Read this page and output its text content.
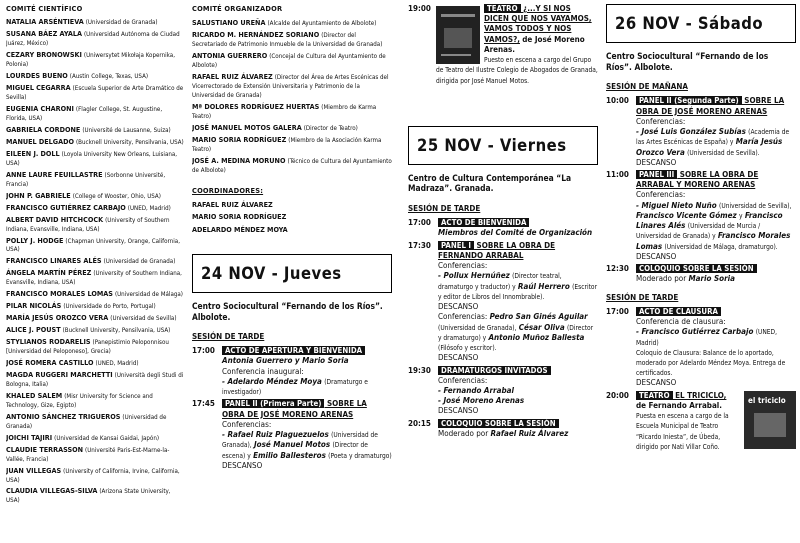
COMITÉ CIENTÍFICO
NATALIA ARSÉNTIEVA (Universidad de Granada)
SUSANA BÁEZ AYALA (Universidad Autónoma de Ciudad Juárez, México)
CEZARY BRONOWSKI (Uniwersytet Mikołaja Kopernika, Polonia)
LOURDES BUENO (Austin College, Texas, USA)
MIGUEL CEGARRA (Escuela Superior de Arte Dramático de Sevilla)
EUGENIA CHARONI (Flagler College, St. Augustine, Florida, USA)
GABRIELA CORDONE (Université de Lausanne, Suiza)
MANUEL DELGADO (Bucknell University, Pensilvania, USA)
EILEEN J. DOLL (Loyola University New Orleans, Luisiana, USA)
ANNE LAURE FEUILLASTRE (Sorbonne Université, Francia)
JOHN P. GABRIELE (College of Wooster, Ohio, USA)
FRANCISCO GUTIÉRREZ CARBAJO (UNED, Madrid)
ALBERT DAVID HITCHCOCK (University of Southern Indiana, Evansville, Indiana, USA)
POLLY J. HODGE (Chapman University, Orange, California, USA)
FRANCISCO LINARES ALÉS (Universidad de Granada)
ÁNGELA MARTÍN PÉREZ (University of Southern Indiana, Evansville, Indiana, USA)
FRANCISCO MORALES LOMAS (Universidad de Málaga)
PILAR NICOLÁS (Universidade do Porto, Portugal)
MARÍA JESÚS OROZCO VERA (Universidad de Sevilla)
ALICE J. POUST (Bucknell University, Pensilvania, USA)
STYLIANOS RODARELIS (Panepistimio Peloponnisou [Universidad del Peloponeso], Grecia)
JOSÉ ROMERA CASTILLO (UNED, Madrid)
MAGDA RUGGERI MARCHETTI (Università degli Studi di Bologna, Italia)
KHALED SALEM (Misr University for Science and Technology, Gize, Egipto)
ANTONIO SÁNCHEZ TRIGUEROS (Universidad de Granada)
JOICHI TAJIRI (Universidad de Kansai Gaidai, Japón)
CLAUDIE TERRASSON (Université Paris-Est-Marne-la-Vallée, Francia)
JUAN VILLEGAS (University of California, Irvine, California, USA)
CLAUDIA VILLEGAS-SILVA (Arizona State University, USA)
COMITÉ ORGANIZADOR
SALUSTIANO UREÑA (Alcalde del Ayuntamiento de Albolote)
RICARDO M. HERNÁNDEZ SORIANO (Director del Secretariado de Patrimonio Inmueble de la Universidad de Granada)
ANTONIA GUERRERO (Concejal de Cultura del Ayuntamiento de Albolote)
RAFAEL RUIZ ÁLVAREZ (Director del Área de Artes Escénicas del Vicerrectorado de Extensión Universitaria y Patrimonio de la Universidad de Granada)
Mª DOLORES RODRÍGUEZ HUERTAS (Miembro de Karma Teatro)
JOSÉ MANUEL MOTOS GALERA (Director de Teatro)
MARIO SORIA RODRÍGUEZ (Miembro de la Asociación Karma Teatro)
JOSÉ A. MEDINA MORUNO (Técnico de Cultura del Ayuntamiento de Albolote)
COORDINADORES:
RAFAEL RUIZ ÁLVAREZ
MARIO SORIA RODRÍGUEZ
ADELARDO MÉNDEZ MOYA
24 NOV - Jueves
Centro Sociocultural “Fernando de los Ríos”. Albolote.
SESIÓN DE TARDE
17:00	ACTO DE APERTURA Y BIENVENIDA
Antonia Guerrero y Mario Soria
Conferencia inaugural:
- Adelardo Méndez Moya (Dramaturgo e investigador)
17:45	PANEL II (Primera Parte) SOBRE LA OBRA DE JOSÉ MORENO ARENAS
Conferencias:
- Rafael Ruiz Plaguezuelos (Universidad de Granada), José Manuel Motos (Director de escena) y Emilio Ballesteros (Poeta y dramaturgo)
DESCANSO
19:00	TEATRO ¿...Y SI NOS DICEN QUE NOS VAYAMOS, VAMOS TODOS Y NOS VAMOS?, de José Moreno Arenas.
Puesto en escena a cargo del Grupo de Teatro del Ilustre Colegio de Abogados de Granada, dirigida por José Manuel Motos.
25 NOV - Viernes
Centro de Cultura Contemporánea “La Madraza”. Granada.
SESIÓN DE TARDE
17:00	ACTO DE BIENVENIDA
Miembros del Comité de Organización
17:30	PANEL I SOBRE LA OBRA DE FERNANDO ARRABAL
Conferencias:
- Pollux Hernúñez (Director teatral, dramaturgo y traductor) y Raúl Herrero (Escritor y editor de Libros del Innombrable).
DESCANSO
Conferencias: Pedro San Ginés Aguilar (Universidad de Granada), César Oliva (Director y dramaturgo) y Antonio Muñoz Ballesta (Filósofo y escritor).
DESCANSO
19:30	DRAMATURGOS INVITADOS
Conferencias:
- Fernando Arrabal
- José Moreno Arenas
DESCANSO
20:15	COLOQUIO SOBRE LA SESIÓN
Moderado por Rafael Ruiz Álvarez
26 NOV - Sábado
Centro Sociocultural “Fernando de los Ríos”. Albolote.
SESIÓN DE MAÑANA
10:00	PANEL II (Segunda Parte) SOBRE LA OBRA DE JOSÉ MORENO ARENAS
Conferencias:
- José Luis González Subías (Academia de las Artes Escénicas de España) y María Jesús Orozco Vera (Universidad de Sevilla).
DESCANSO
11:00	PANEL III SOBRE LA OBRA DE ARRABAL Y MORENO ARENAS
Conferencias:
- Miguel Nieto Nuño (Universidad de Sevilla), Francisco Vicente Gómez y Francisco Linares Alés (Universidad de Murcia / Universidad de Granada) y Francisco Morales Lomas (Universidad de Málaga, dramaturgo).
DESCANSO
12:30	COLOQUIO SOBRE LA SESIÓN
Moderado por Mario Soria
SESIÓN DE TARDE
17:00	ACTO DE CLAUSURA
Conferencia de clausura:
- Francisco Gutiérrez Carbajo (UNED, Madrid)
Coloquio de Clausura: Balance de lo aportado, moderado por Adelardo Méndez Moya. Entrega de certificados.
DESCANSO
20:00
el triciclo
TEATRO EL TRICICLO,
de Fernando Arrabal.
Puesta en escena a cargo de la Escuela Municipal de Teatro “Ricardo Iniesta”, de Úbeda, dirigido por Nati Villar Coño.
